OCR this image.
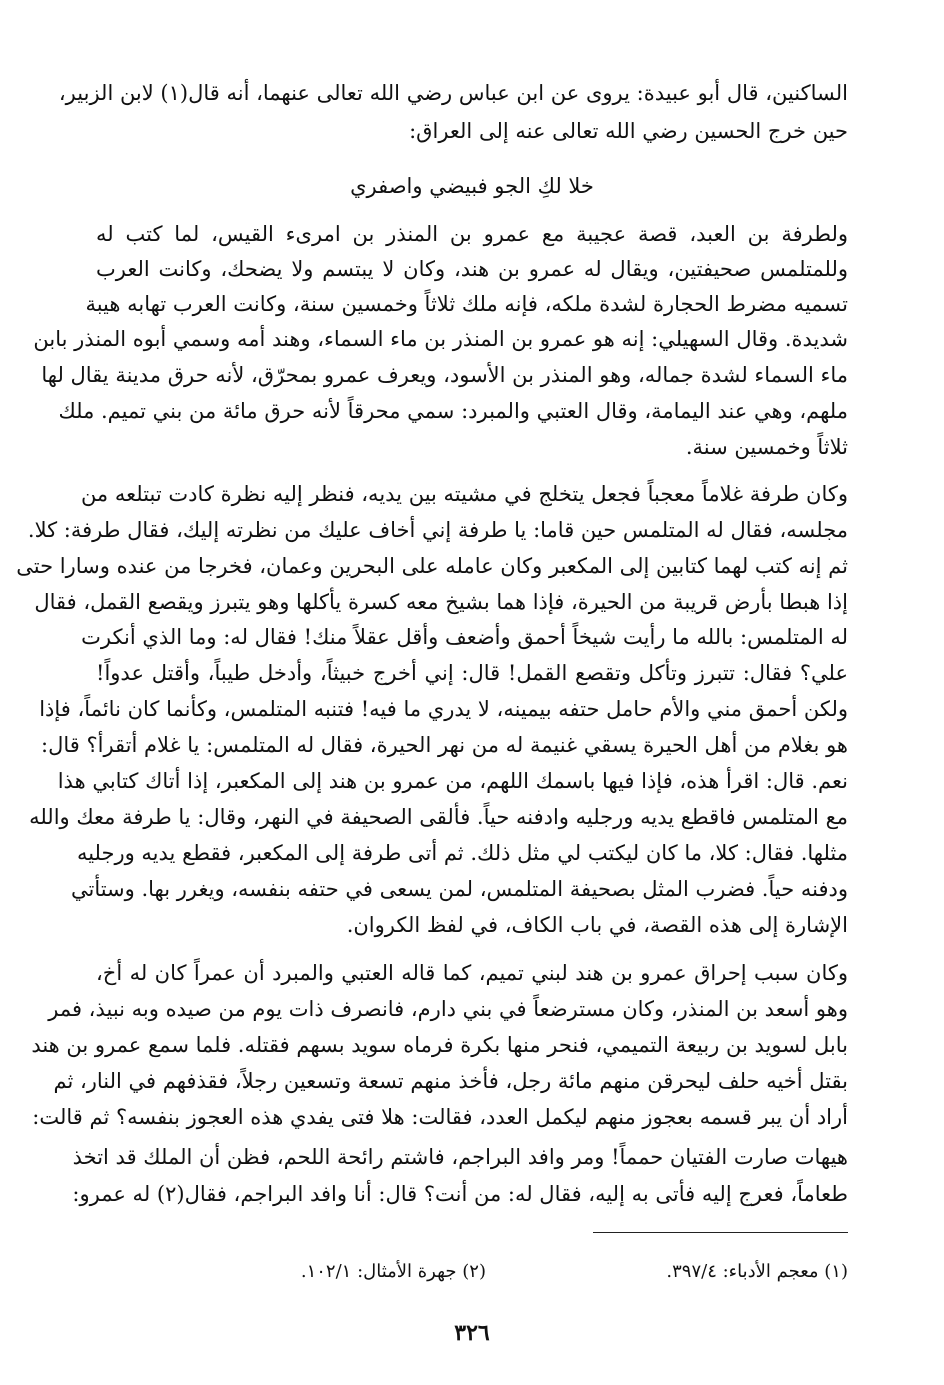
الساكنين، قال أبو عبيدة: يروى عن ابن عباس رضي الله تعالى عنهما، أنه قال(١) لابن الزبير،
حين خرج الحسين رضي الله تعالى عنه إلى العراق:
خلا لكِ الجو فبيضي واصفري
ولطرفة بن العبد، قصة عجيبة مع عمرو بن المنذر بن امرىء القيس، لما كتب له
وللمتلمس صحيفتين، ويقال له عمرو بن هند، وكان لا يبتسم ولا يضحك، وكانت العرب
تسميه مضرط الحجارة لشدة ملكه، فإنه ملك ثلاثاً وخمسين سنة، وكانت العرب تهابه هيبة
شديدة. وقال السهيلي: إنه هو عمرو بن المنذر بن ماء السماء، وهند أمه وسمي أبوه المنذر بابن
ماء السماء لشدة جماله، وهو المنذر بن الأسود، ويعرف عمرو بمحرّق، لأنه حرق مدينة يقال لها
ملهم، وهي عند اليمامة، وقال العتبي والمبرد: سمي محرقاً لأنه حرق مائة من بني تميم. ملك
ثلاثاً وخمسين سنة.
وكان طرفة غلاماً معجباً فجعل يتخلج في مشيته بين يديه، فنظر إليه نظرة كادت تبتلعه من
مجلسه، فقال له المتلمس حين قاما: يا طرفة إني أخاف عليك من نظرته إليك، فقال طرفة: كلا.
ثم إنه كتب لهما كتابين إلى المكعبر وكان عامله على البحرين وعمان، فخرجا من عنده وسارا حتى
إذا هبطا بأرض قريبة من الحيرة، فإذا هما بشيخ معه كسرة يأكلها وهو يتبرز ويقصع القمل، فقال
له المتلمس: بالله ما رأيت شيخاً أحمق وأضعف وأقل عقلاً منك! فقال له: وما الذي أنكرت
علي؟ فقال: تتبرز وتأكل وتقصع القمل! قال: إني أخرج خبيثاً، وأدخل طيباً، وأقتل عدواً!
ولكن أحمق مني والأم حامل حتفه بيمينه، لا يدري ما فيه! فتنبه المتلمس، وكأنما كان نائماً، فإذا
هو بغلام من أهل الحيرة يسقي غنيمة له من نهر الحيرة، فقال له المتلمس: يا غلام أتقرأ؟ قال:
نعم. قال: اقرأ هذه، فإذا فيها باسمك اللهم، من عمرو بن هند إلى المكعبر، إذا أتاك كتابي هذا
مع المتلمس فاقطع يديه ورجليه وادفنه حياً. فألقى الصحيفة في النهر، وقال: يا طرفة معك والله
مثلها. فقال: كلا، ما كان ليكتب لي مثل ذلك. ثم أتى طرفة إلى المكعبر، فقطع يديه ورجليه
ودفنه حياً. فضرب المثل بصحيفة المتلمس، لمن يسعى في حتفه بنفسه، ويغرر بها. وستأتي
الإشارة إلى هذه القصة، في باب الكاف، في لفظ الكروان.
وكان سبب إحراق عمرو بن هند لبني تميم، كما قاله العتبي والمبرد أن عمراً كان له أخ،
وهو أسعد بن المنذر، وكان مسترضعاً في بني دارم، فانصرف ذات يوم من صيده وبه نبيذ، فمر
بابل لسويد بن ربيعة التميمي، فنحر منها بكرة فرماه سويد بسهم فقتله. فلما سمع عمرو بن هند
بقتل أخيه حلف ليحرقن منهم مائة رجل، فأخذ منهم تسعة وتسعين رجلاً، فقذفهم في النار، ثم
أراد أن يبر قسمه بعجوز منهم ليكمل العدد، فقالت: هلا فتى يفدي هذه العجوز بنفسه؟ ثم قالت:
هيهات صارت الفتيان حمماً! ومر وافد البراجم، فاشتم رائحة اللحم، فظن أن الملك قد اتخذ
طعاماً، فعرج إليه فأتى به إليه، فقال له: من أنت؟ قال: أنا وافد البراجم، فقال(٢) له عمرو:
(١) معجم الأدباء: ٣٩٧/٤.
(٢) جهرة الأمثال: ١٠٢/١.
٣٢٦
